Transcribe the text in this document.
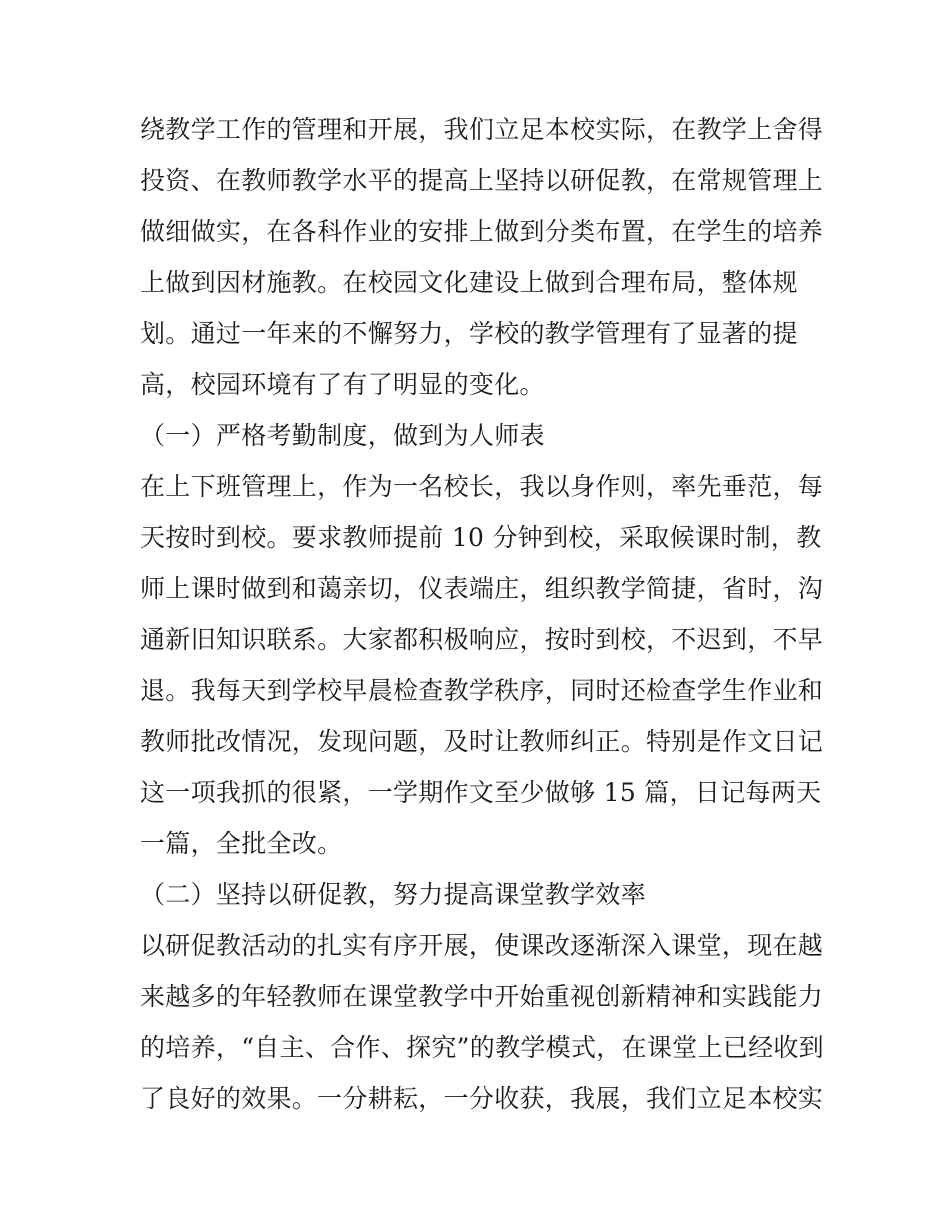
绕教学工作的管理和开展，我们立足本校实际，在教学上舍得
投资、在教师教学水平的提高上坚持以研促教，在常规管理上
做细做实，在各科作业的安排上做到分类布置，在学生的培养
上做到因材施教。在校园文化建设上做到合理布局，整体规
划。通过一年来的不懈努力，学校的教学管理有了显著的提
高，校园环境有了有了明显的变化。
（一）严格考勤制度，做到为人师表
在上下班管理上，作为一名校长，我以身作则，率先垂范，每
天按时到校。要求教师提前 10 分钟到校，采取候课时制，教
师上课时做到和蔼亲切，仪表端庄，组织教学简捷，省时，沟
通新旧知识联系。大家都积极响应，按时到校，不迟到，不早
退。我每天到学校早晨检查教学秩序，同时还检查学生作业和
教师批改情况，发现问题，及时让教师纠正。特别是作文日记
这一项我抓的很紧，一学期作文至少做够 15 篇，日记每两天
一篇，全批全改。
（二）坚持以研促教，努力提高课堂教学效率
以研促教活动的扎实有序开展，使课改逐渐深入课堂，现在越
来越多的年轻教师在课堂教学中开始重视创新精神和实践能力
的培养，“自主、合作、探究”的教学模式，在课堂上已经收到
了良好的效果。一分耕耘，一分收获，我展，我们立足本校实
